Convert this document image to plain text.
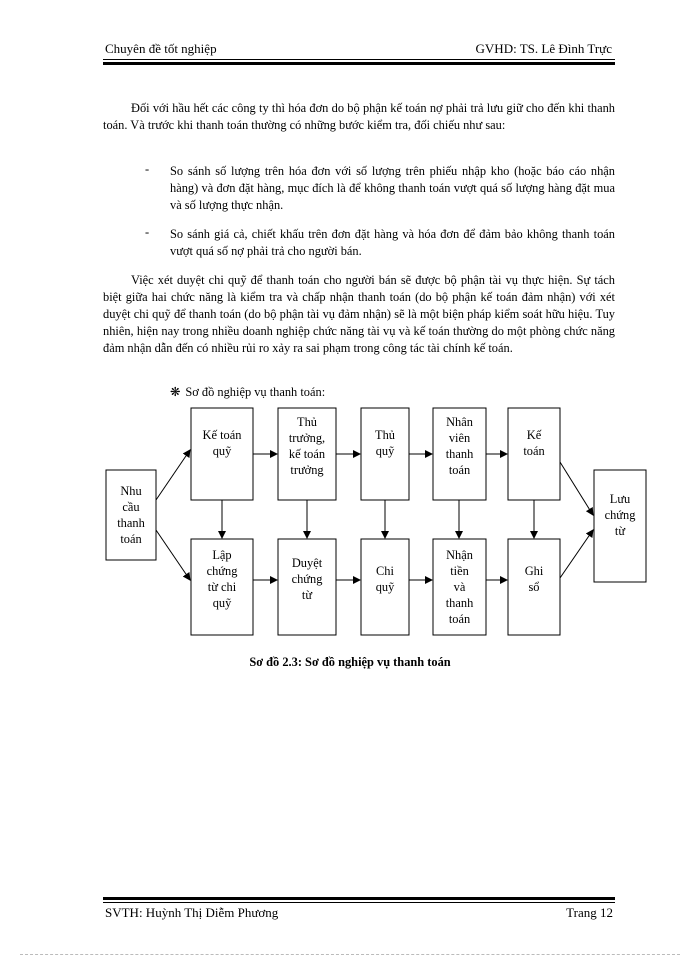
Chuyên đề tốt nghiệp	GVHD: TS. Lê Đình Trực

Đối với hầu hết các công ty thì hóa đơn do bộ phận kế toán nợ phải trả lưu giữ cho đến khi thanh toán. Và trước khi thanh toán thường có những bước kiểm tra, đối chiếu như sau:

- So sánh số lượng trên hóa đơn với số lượng trên phiếu nhập kho (hoặc báo cáo nhận hàng) và đơn đặt hàng, mục đích là để không thanh toán vượt quá số lượng hàng đặt mua và số lượng thực nhận.

- So sánh giá cả, chiết khấu trên đơn đặt hàng và hóa đơn để đảm bảo không thanh toán vượt quá số nợ phải trả cho người bán.

Việc xét duyệt chi quỹ để thanh toán cho người bán sẽ được bộ phận tài vụ thực hiện. Sự tách biệt giữa hai chức năng là kiểm tra và chấp nhận thanh toán (do bộ phận kế toán đảm nhận) với xét duyệt chi quỹ để thanh toán (do bộ phận tài vụ đảm nhận) sẽ là một biện pháp kiểm soát hữu hiệu. Tuy nhiên, hiện nay trong nhiều doanh nghiệp chức năng tài vụ và kế toán thường do một phòng chức năng đảm nhận dẫn đến có nhiều rủi ro xảy ra sai phạm trong công tác tài chính kế toán.

❋ Sơ đồ nghiệp vụ thanh toán:
Nhu
cầu
thanh
toán
Kế toán
quỹ
Thủ
trưởng,
kế toán
trưởng
Thủ
quỹ
Nhân
viên
thanh
toán
Kế
toán
Lập
chứng
từ chi
quỹ
Duyệt
chứng
từ
Chi
quỹ
Nhận
tiền
và
thanh
toán
Ghi
sổ
Lưu
chứng
từ
Sơ đồ 2.3: Sơ đồ nghiệp vụ thanh toán
SVTH: Huỳnh Thị Diễm Phương	Trang 12
